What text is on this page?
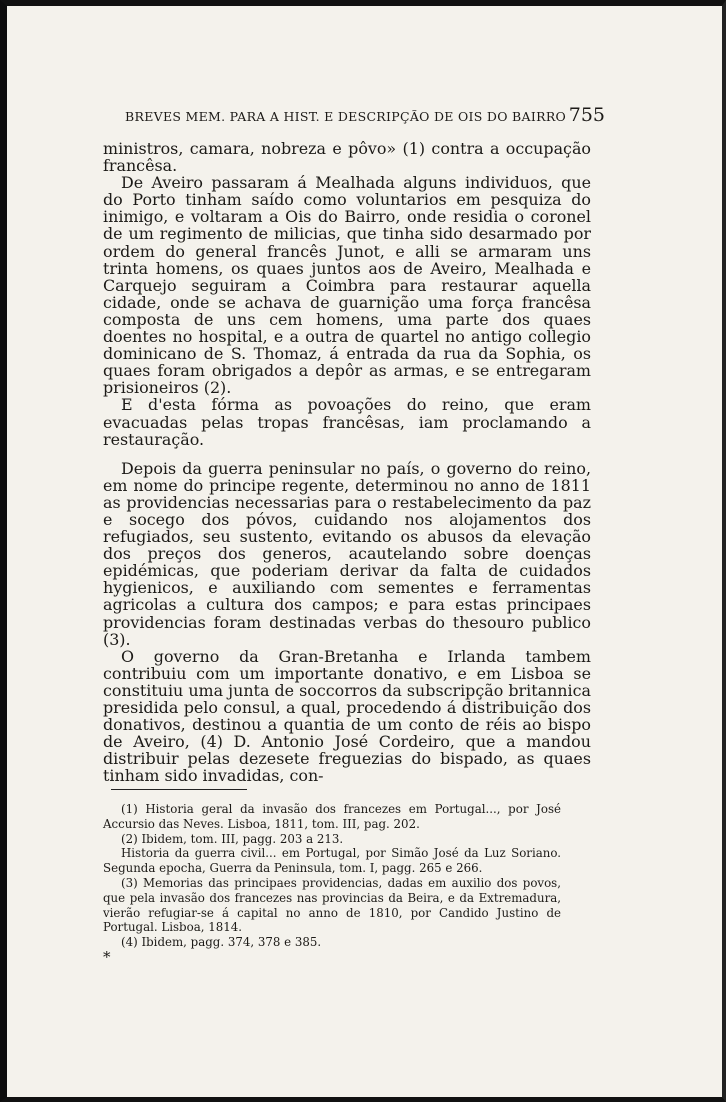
BREVES MEM. PARA A HIST. E DESCRIPÇÃO DE OIS DO BAIRRO 755

ministros, camara, nobreza e pôvo» (1) contra a occupação francêsa.

De Aveiro passaram á Mealhada alguns individuos, que do Porto tinham saído como voluntarios em pesquiza do inimigo, e voltaram a Ois do Bairro, onde residia o coronel de um regimento de milicias, que tinha sido desarmado por ordem do general francês Junot, e alli se armaram uns trinta homens, os quaes juntos aos de Aveiro, Mealhada e Carquejo seguiram a Coimbra para restaurar aquella cidade, onde se achava de guarnição uma força francêsa composta de uns cem homens, uma parte dos quaes doentes no hospital, e a outra de quartel no antigo collegio dominicano de S. Thomaz, á entrada da rua da Sophia, os quaes foram obrigados a depôr as armas, e se entregaram prisioneiros (2).

E d'esta fórma as povoações do reino, que eram evacuadas pelas tropas francêsas, iam proclamando a restauração.

Depois da guerra peninsular no país, o governo do reino, em nome do principe regente, determinou no anno de 1811 as providencias necessarias para o restabelecimento da paz e socego dos póvos, cuidando nos alojamentos dos refugiados, seu sustento, evitando os abusos da elevação dos preços dos generos, acautelando sobre doenças epidémicas, que poderiam derivar da falta de cuidados hygienicos, e auxiliando com sementes e ferramentas agricolas a cultura dos campos; e para estas principaes providencias foram destinadas verbas do thesouro publico (3).

O governo da Gran-Bretanha e Irlanda tambem contribuiu com um importante donativo, e em Lisboa se constituiu uma junta de soccorros da subscripção britannica presidida pelo consul, a qual, procedendo á distribuição dos donativos, destinou a quantia de um conto de réis ao bispo de Aveiro, (4) D. Antonio José Cordeiro, que a mandou distribuir pelas dezesete freguezias do bispado, as quaes tinham sido invadidas, con-

(1) Historia geral da invasão dos francezes em Portugal..., por José Accursio das Neves. Lisboa, 1811, tom. III, pag. 202.

(2) Ibidem, tom. III, pagg. 203 a 213.

Historia da guerra civil... em Portugal, por Simão José da Luz Soriano. Segunda epocha, Guerra da Peninsula, tom. I, pagg. 265 e 266.

(3) Memorias das principaes providencias, dadas em auxilio dos povos, que pela invasão dos francezes nas provincias da Beira, e da Extremadura, vierão refugiar-se á capital no anno de 1810, por Candido Justino de Portugal. Lisboa, 1814.

(4) Ibidem, pagg. 374, 378 e 385.

*
